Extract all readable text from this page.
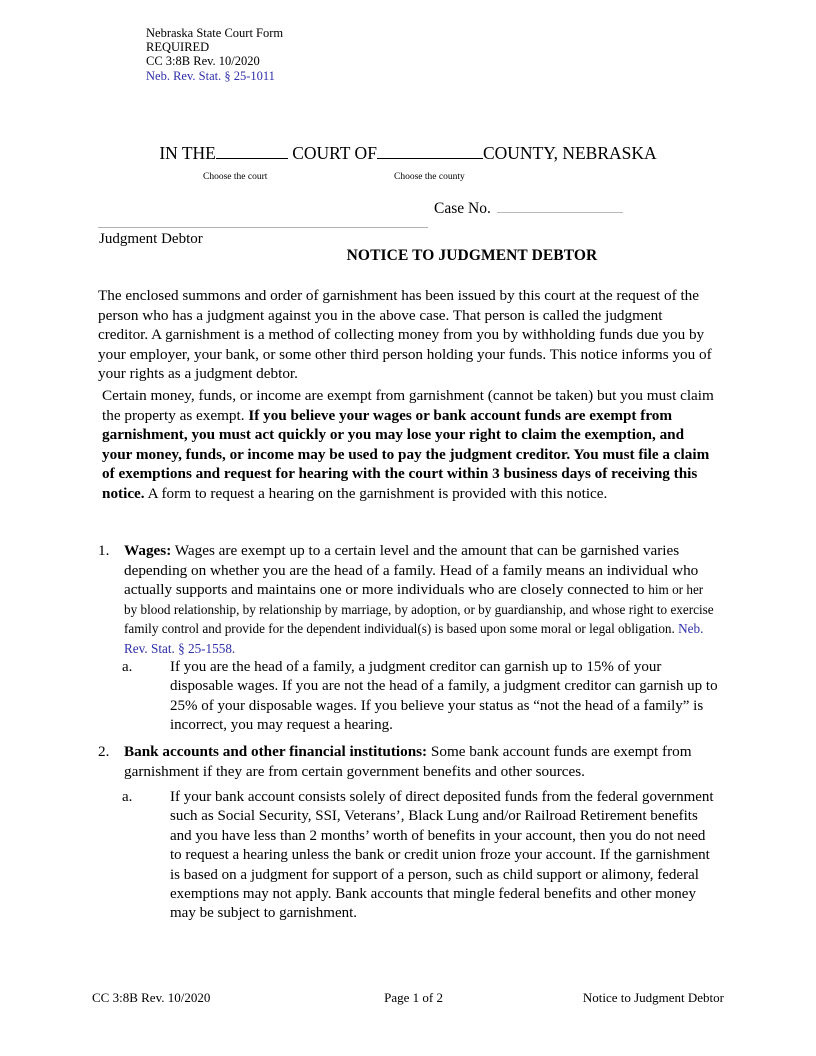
Nebraska State Court Form
REQUIRED
CC 3:8B Rev. 10/2020
Neb. Rev. Stat. § 25-1011
IN THE	COURT OF	COUNTY, NEBRASKA
Choose the court	Choose the county
Case No.
Judgment Debtor
NOTICE TO JUDGMENT DEBTOR
The enclosed summons and order of garnishment has been issued by this court at the request of the person who has a judgment against you in the above case. That person is called the judgment creditor. A garnishment is a method of collecting money from you by withholding funds due you by your employer, your bank, or some other third person holding your funds. This notice informs you of your rights as a judgment debtor.
Certain money, funds, or income are exempt from garnishment (cannot be taken) but you must claim the property as exempt. If you believe your wages or bank account funds are exempt from garnishment, you must act quickly or you may lose your right to claim the exemption, and your money, funds, or income may be used to pay the judgment creditor. You must file a claim of exemptions and request for hearing with the court within 3 business days of receiving this notice. A form to request a hearing on the garnishment is provided with this notice.
1. Wages: Wages are exempt up to a certain level and the amount that can be garnished varies depending on whether you are the head of a family. Head of a family means an individual who actually supports and maintains one or more individuals who are closely connected to him or her by blood relationship, by relationship by marriage, by adoption, or by guardianship, and whose right to exercise family control and provide for the dependent individual(s) is based upon some moral or legal obligation. Neb. Rev. Stat. § 25-1558.
a.	If you are the head of a family, a judgment creditor can garnish up to 15% of your disposable wages. If you are not the head of a family, a judgment creditor can garnish up to 25% of your disposable wages. If you believe your status as “not the head of a family” is incorrect, you may request a hearing.
2. Bank accounts and other financial institutions: Some bank account funds are exempt from garnishment if they are from certain government benefits and other sources.
a.	If your bank account consists solely of direct deposited funds from the federal government such as Social Security, SSI, Veterans’, Black Lung and/or Railroad Retirement benefits and you have less than 2 months’ worth of benefits in your account, then you do not need to request a hearing unless the bank or credit union froze your account. If the garnishment is based on a judgment for support of a person, such as child support or alimony, federal exemptions may not apply. Bank accounts that mingle federal benefits and other money may be subject to garnishment.
CC 3:8B Rev. 10/2020	Page 1 of 2	Notice to Judgment Debtor
